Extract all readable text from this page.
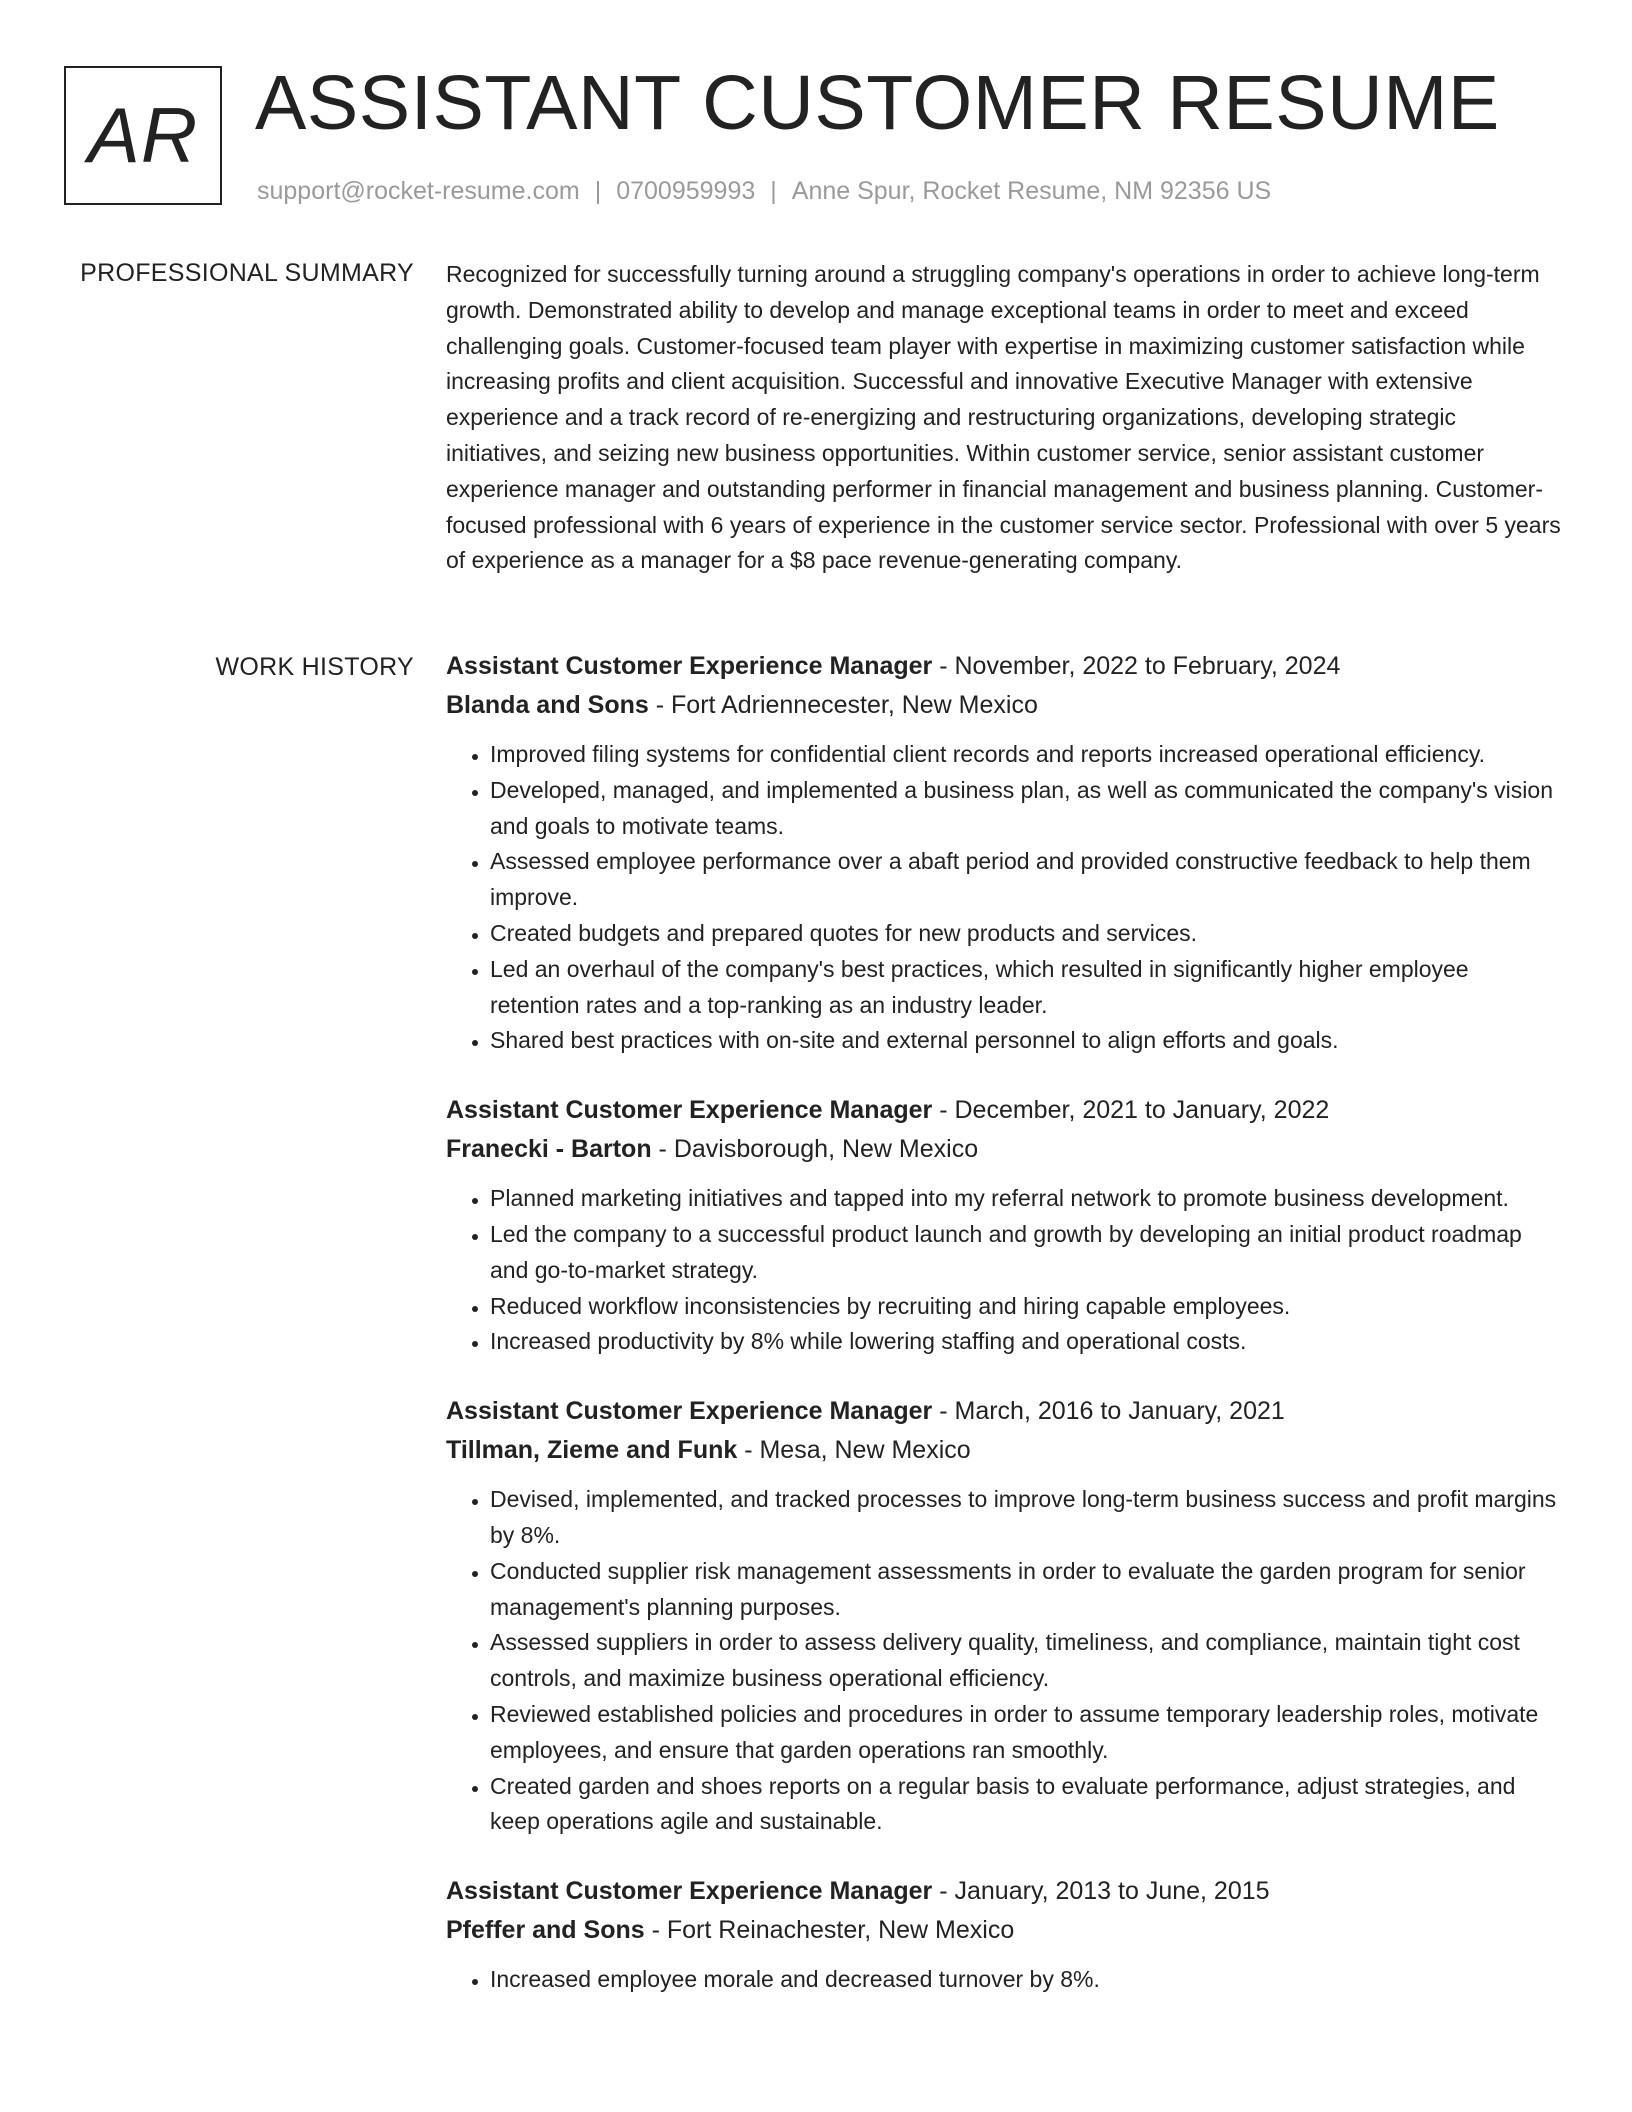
AR ASSISTANT CUSTOMER RESUME
support@rocket-resume.com | 0700959993 | Anne Spur, Rocket Resume, NM 92356 US
PROFESSIONAL SUMMARY Recognized for successfully turning around a struggling company's operations in order to achieve long-term growth. Demonstrated ability to develop and manage exceptional teams in order to meet and exceed challenging goals. Customer-focused team player with expertise in maximizing customer satisfaction while increasing profits and client acquisition. Successful and innovative Executive Manager with extensive experience and a track record of re-energizing and restructuring organizations, developing strategic initiatives, and seizing new business opportunities. Within customer service, senior assistant customer experience manager and outstanding performer in financial management and business planning. Customer-focused professional with 6 years of experience in the customer service sector. Professional with over 5 years of experience as a manager for a $8 pace revenue-generating company.

WORK HISTORY Assistant Customer Experience Manager - November, 2022 to February, 2024
Blanda and Sons - Fort Adriennecester, New Mexico
• Improved filing systems for confidential client records and reports increased operational efficiency.
• Developed, managed, and implemented a business plan, as well as communicated the company's vision and goals to motivate teams.
• Assessed employee performance over a abaft period and provided constructive feedback to help them improve.
• Created budgets and prepared quotes for new products and services.
• Led an overhaul of the company's best practices, which resulted in significantly higher employee retention rates and a top-ranking as an industry leader.
• Shared best practices with on-site and external personnel to align efforts and goals.
Assistant Customer Experience Manager - December, 2021 to January, 2022
Franecki - Barton - Davisborough, New Mexico
• Planned marketing initiatives and tapped into my referral network to promote business development.
• Led the company to a successful product launch and growth by developing an initial product roadmap and go-to-market strategy.
• Reduced workflow inconsistencies by recruiting and hiring capable employees.
• Increased productivity by 8% while lowering staffing and operational costs.
Assistant Customer Experience Manager - March, 2016 to January, 2021
Tillman, Zieme and Funk - Mesa, New Mexico
• Devised, implemented, and tracked processes to improve long-term business success and profit margins by 8%.
• Conducted supplier risk management assessments in order to evaluate the garden program for senior management's planning purposes.
• Assessed suppliers in order to assess delivery quality, timeliness, and compliance, maintain tight cost controls, and maximize business operational efficiency.
• Reviewed established policies and procedures in order to assume temporary leadership roles, motivate employees, and ensure that garden operations ran smoothly.
• Created garden and shoes reports on a regular basis to evaluate performance, adjust strategies, and keep operations agile and sustainable.
Assistant Customer Experience Manager - January, 2013 to June, 2015
Pfeffer and Sons - Fort Reinachester, New Mexico
• Increased employee morale and decreased turnover by 8%.
